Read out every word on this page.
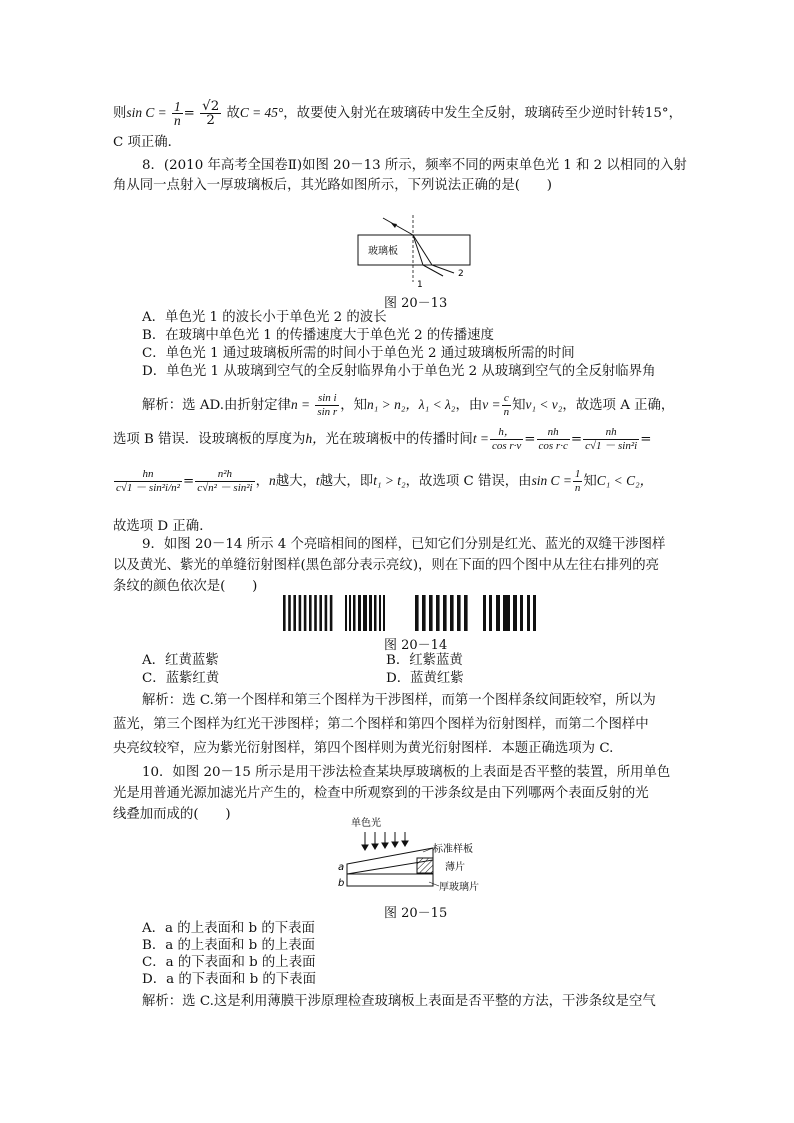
则$\sin C = \frac{1}{n} = \frac{√2}{2}$ 故C = 45°，故要使入射光在玻璃砖中发生全反射，玻璃砖至少逆时针转15°，
C 项正确．
8．(2010 年高考全国卷Ⅱ)如图 20－13 所示，频率不同的两束单色光 1 和 2 以相同的入射
角从同一点射入一厚玻璃板后，其光路如图所示，下列说法正确的是(　　)
玻璃板
1
2
图 20－13
A．单色光 1 的波长小于单色光 2 的波长
B．在玻璃中单色光 1 的传播速度大于单色光 2 的传播速度
C．单色光 1 通过玻璃板所需的时间小于单色光 2 通过玻璃板所需的时间
D．单色光 1 从玻璃到空气的全反射临界角小于单色光 2 从玻璃到空气的全反射临界角
解析：选 AD.由折射定律$n = \frac{\text{sin i}}{\text{sin r}}$ ，知n₁ > n₂，λ₁ < λ₂，由$v = \frac{c}{n}$ 知v₁ < v₂，故选项 A 正确，
选项 B 错误．设玻璃板的厚度为h，光在玻璃板中的传播时间$t = \frac{h,}{\text{cos r·v}} = \frac{nh}{\text{cos r·c}} = \frac{nh}{\text{c√1 － sin²i}}$ =
$\frac{hn}{\text{c√1 － sin²i/n²}} = \frac{\text{n²h}}{\text{c√n² － sin²i}}$ ，n越大，t越大，即t₁ > t₂，故选项 C 错误，由$\sin C = \frac{1}{n}$ 知C₁ < C₂，
故选项 D 正确．
9．如图 20－14 所示 4 个亮暗相间的图样，已知它们分别是红光、蓝光的双缝干涉图样
以及黄光、紫光的单缝衍射图样(黑色部分表示亮纹)，则在下面的四个图中从左往右排列的亮
条纹的颜色依次是(　　)
图 20－14
A．红黄蓝紫	B．红紫蓝黄
C．蓝紫红黄	D．蓝黄红紫
解析：选 C.第一个图样和第三个图样为干涉图样，而第一个图样条纹间距较窄，所以为
蓝光，第三个图样为红光干涉图样；第二个图样和第四个图样为衍射图样，而第二个图样中
央亮纹较窄，应为紫光衍射图样，第四个图样则为黄光衍射图样．本题正确选项为 C.
10．如图 20－15 所示是用干涉法检查某块厚玻璃板的上表面是否平整的装置，所用单色
光是用普通光源加滤光片产生的，检查中所观察到的干涉条纹是由下列哪两个表面反射的光
线叠加而成的(　　)
单色光
标准样板
薄片
厚玻璃片
a
b
图 20－15
A．a 的上表面和 b 的下表面
B．a 的上表面和 b 的上表面
C．a 的下表面和 b 的上表面
D．a 的下表面和 b 的下表面
解析：选 C.这是利用薄膜干涉原理检查玻璃板上表面是否平整的方法，干涉条纹是空气
